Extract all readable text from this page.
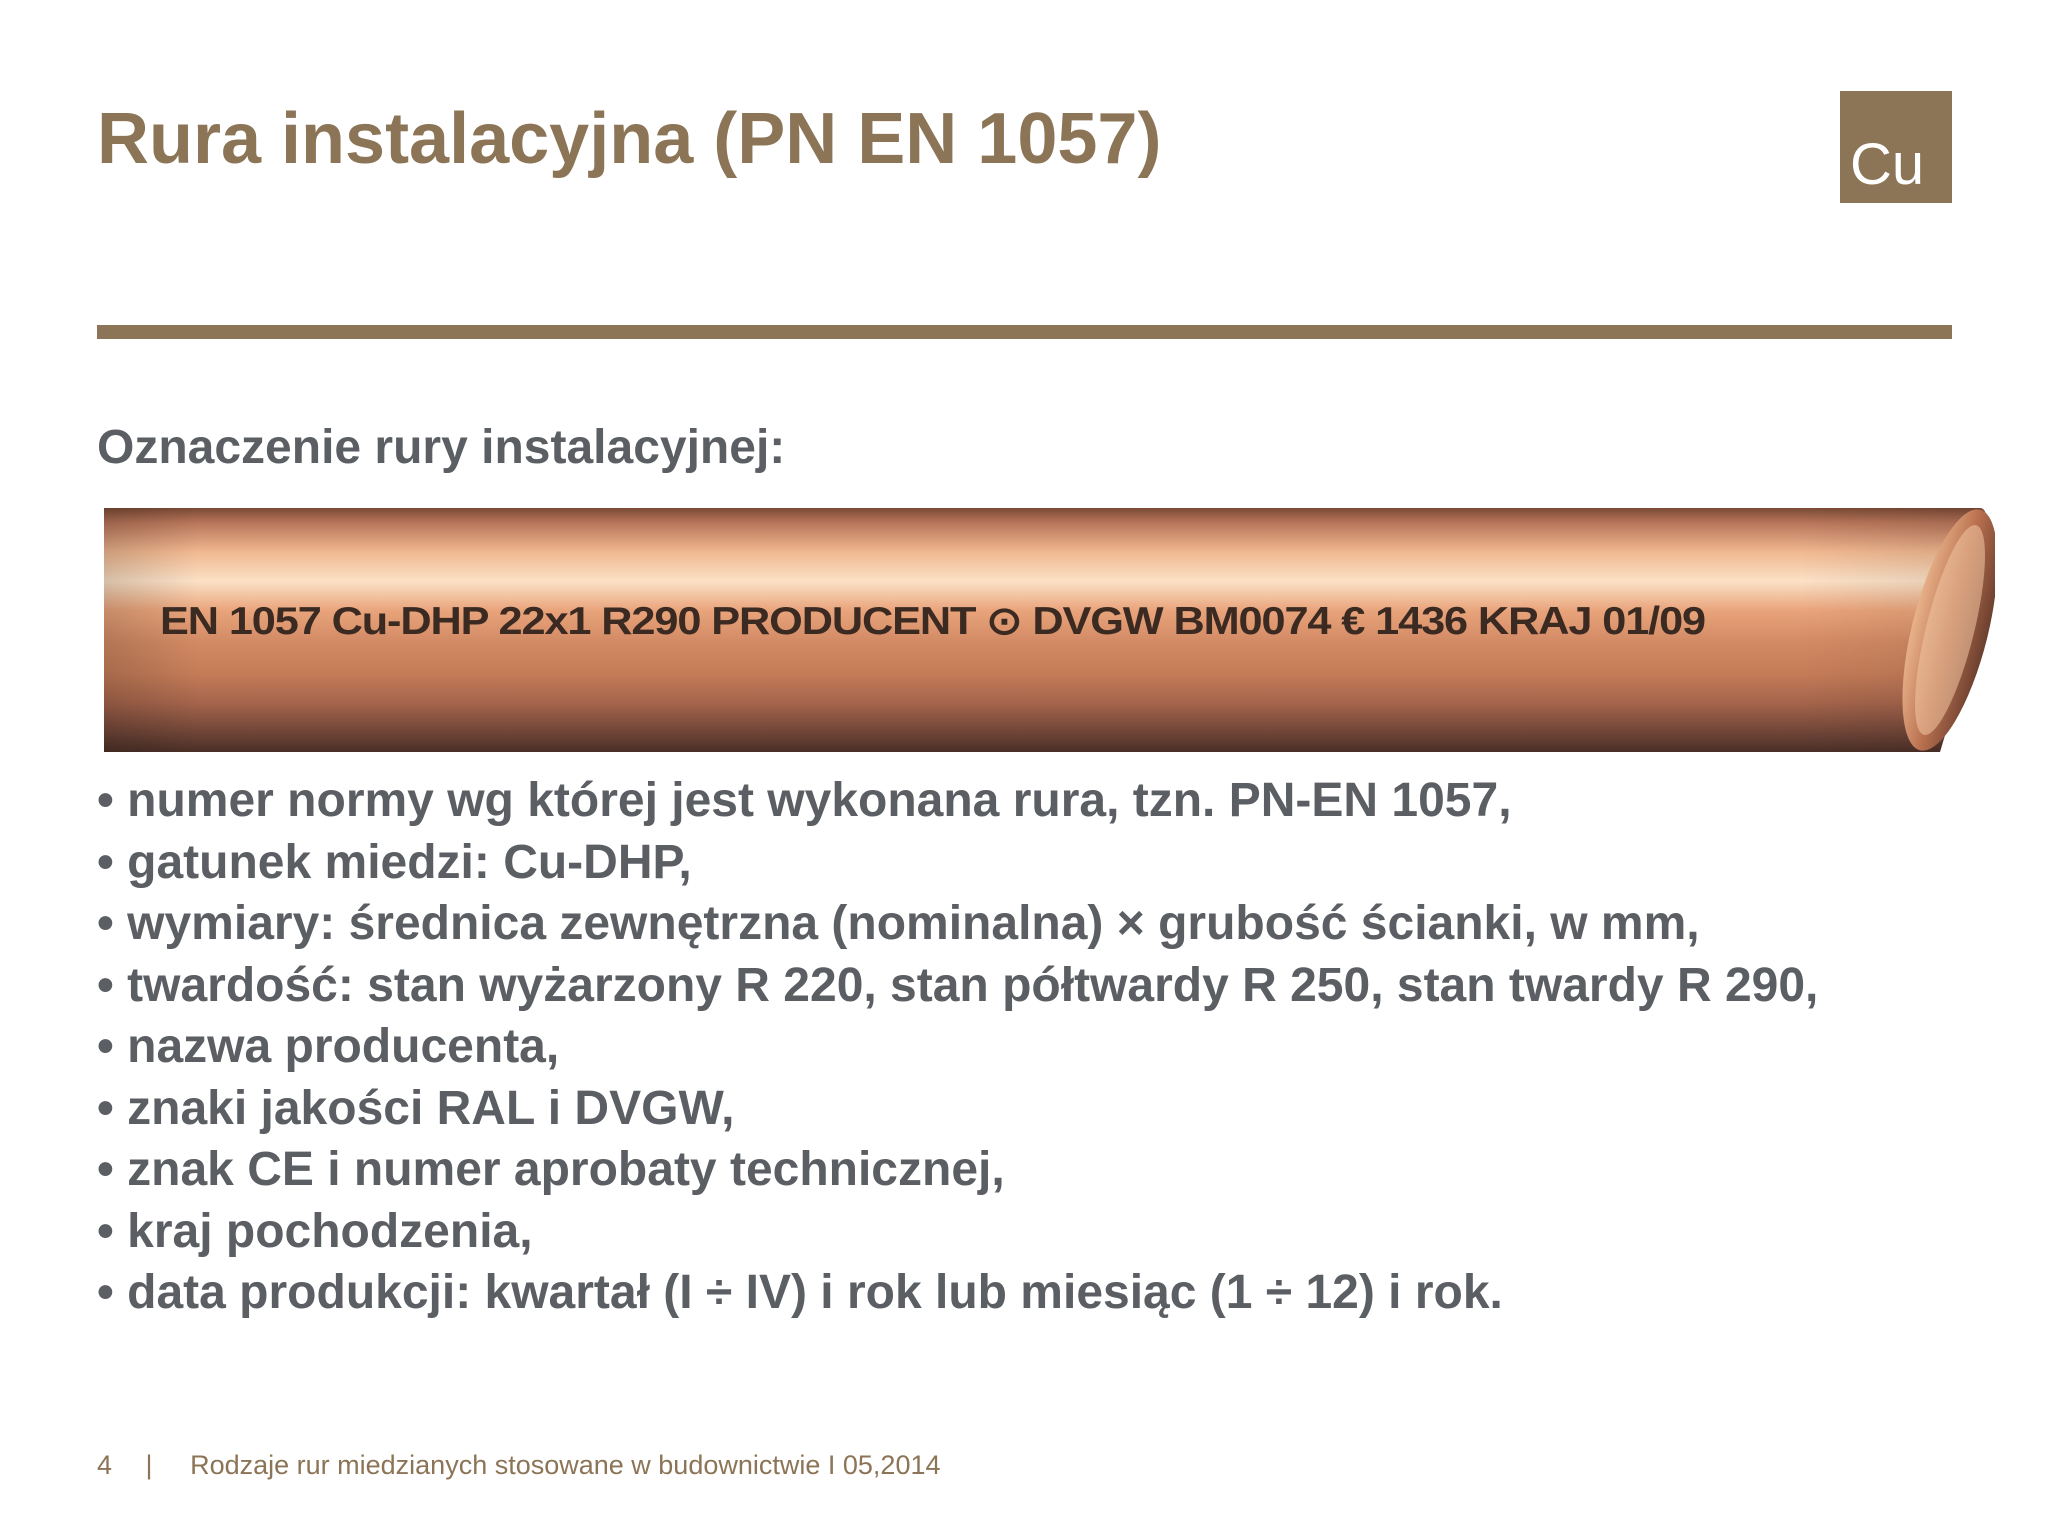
Rura instalacyjna (PN EN 1057)	Cu
Oznaczenie rury instalacyjnej:
EN 1057 Cu-DHP 22x1 R290 PRODUCENT ⊙ DVGW BM0074 € 1436 KRAJ 01/09
• numer normy wg której jest wykonana rura, tzn. PN-EN 1057,
• gatunek miedzi: Cu-DHP,
• wymiary: średnica zewnętrzna (nominalna) × grubość ścianki, w mm,
• twardość: stan wyżarzony R 220, stan półtwardy R 250, stan twardy R 290,
• nazwa producenta,
• znaki jakości RAL i DVGW,
• znak CE i numer aprobaty technicznej,
• kraj pochodzenia,
• data produkcji: kwartał (I ÷ IV) i rok lub miesiąc (1 ÷ 12) i rok.
4 | Rodzaje rur miedzianych stosowane w budownictwie I 05,2014
